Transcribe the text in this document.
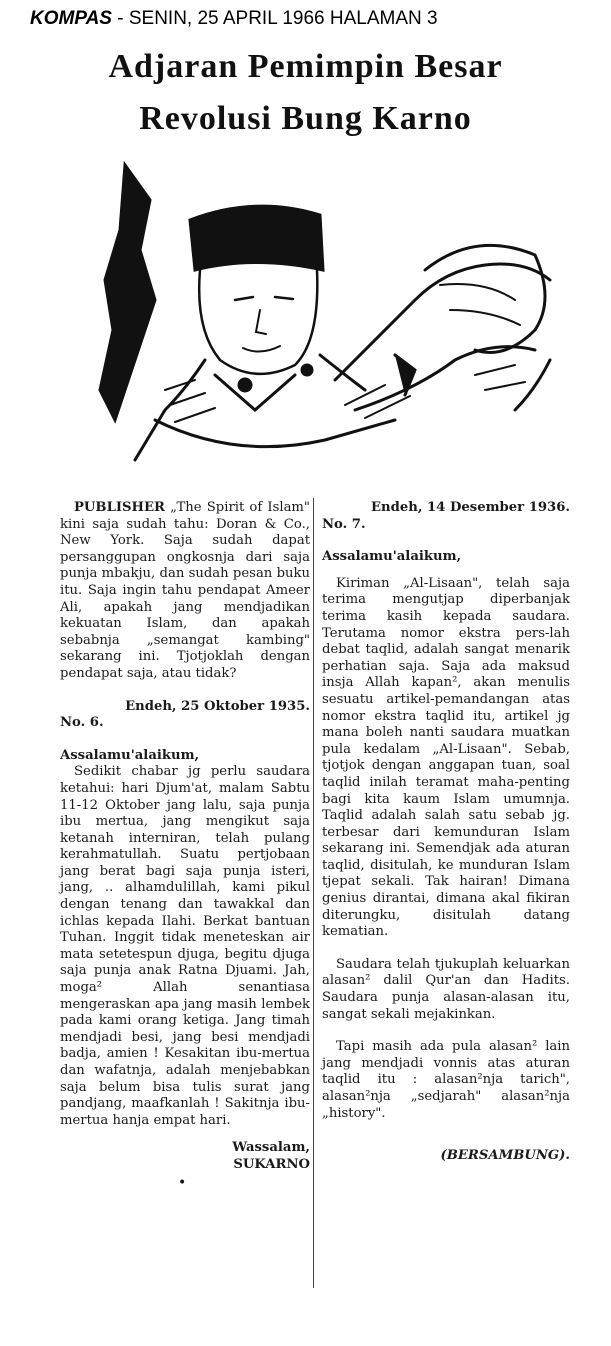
KOMPAS - SENIN, 25 APRIL 1966 HALAMAN 3
Adjaran Pemimpin Besar
Revolusi Bung Karno

PUBLISHER „The Spirit of Islam" kini saja sudah tahu: Doran & Co., New York. Saja sudah dapat persanggupan ongkosnja dari saja punja mbakju, dan sudah pesan buku itu. Saja ingin tahu pendapat Ameer Ali, apakah jang mendjadikan kekuatan Islam, dan apakah sebabnja „semangat kambing" sekarang ini. Tjotjoklah dengan pendapat saja, atau tidak?

Endeh, 25 Oktober 1935.

No. 6.

Assalamu'alaikum,

Sedikit chabar jg perlu saudara ketahui: hari Djum'at, malam Sabtu 11-12 Oktober jang lalu, saja punja ibu mertua, jang mengikut saja ketanah interniran, telah pulang kerahmatullah. Suatu pertjobaan jang berat bagi saja punja isteri, jang, .. alhamdulillah, kami pikul dengan tenang dan tawakkal dan ichlas kepada Ilahi. Berkat bantuan Tuhan. Inggit tidak meneteskan air mata setetespun djuga, begitu djuga saja punja anak Ratna Djuami. Jah, moga² Allah senantiasa mengeraskan apa jang masih lembek pada kami orang ketiga. Jang timah mendjadi besi, jang besi mendjadi badja, amien ! Kesakitan ibu-mertua dan wafatnja, adalah menjebabkan saja belum bisa tulis surat jang pandjang, maafkanlah ! Sakitnja ibu-mertua hanja empat hari.

Wassalam,

SUKARNO

•

Endeh, 14 Desember 1936.

No. 7.

Assalamu'alaikum,

Kiriman „Al-Lisaan", telah saja terima mengutjap diperbanjak terima kasih kepada saudara. Terutama nomor ekstra pers-lah debat taqlid, adalah sangat menarik perhatian saja. Saja ada maksud insja Allah kapan², akan menulis sesuatu artikel-pemandangan atas nomor ekstra taqlid itu, artikel jg mana boleh nanti saudara muatkan pula kedalam „Al-Lisaan". Sebab, tjotjok dengan anggapan tuan, soal taqlid inilah teramat maha-penting bagi kita kaum Islam umumnja. Taqlid adalah salah satu sebab jg. terbesar dari kemunduran Islam sekarang ini. Semendjak ada aturan taqlid, disitulah, ke munduran Islam tjepat sekali. Tak hairan! Dimana genius dirantai, dimana akal fikiran diterungku, disitulah datang kematian.

Saudara telah tjukuplah keluarkan alasan² dalil Qur'an dan Hadits. Saudara punja alasan-alasan itu, sangat sekali mejakinkan.

Tapi masih ada pula alasan² lain jang mendjadi vonnis atas aturan taqlid itu : alasan²nja tarich", alasan²nja „sedjarah" alasan²nja „history".

(BERSAMBUNG).
